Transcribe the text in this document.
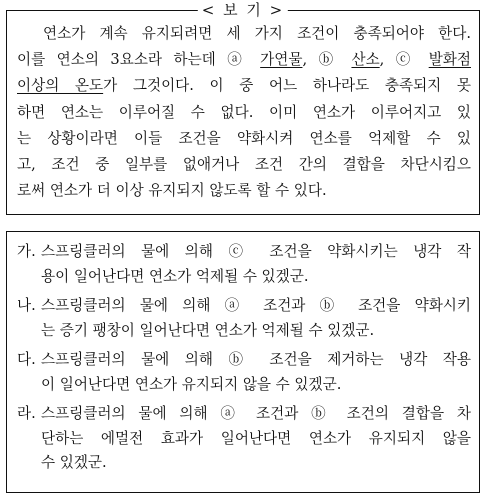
< 보 기 >
연소가 계속 유지되려면 세 가지 조건이 충족되어야 한다.
이를 연소의 3요소라 하는데 ⓐ 가연물, ⓑ 산소, ⓒ 발화점
이상의 온도가 그것이다. 이 중 어느 하나라도 충족되지 못
하면 연소는 이루어질 수 없다. 이미 연소가 이루어지고 있
는 상황이라면 이들 조건을 약화시켜 연소를 억제할 수 있
고, 조건 중 일부를 없애거나 조건 간의 결합을 차단시킴으
로써 연소가 더 이상 유지되지 않도록 할 수 있다.
가. 스프링클러의 물에 의해 ⓒ 조건을 약화시키는 냉각 작
용이 일어난다면 연소가 억제될 수 있겠군.
나. 스프링클러의 물에 의해 ⓐ 조건과 ⓑ 조건을 약화시키
는 증기 팽창이 일어난다면 연소가 억제될 수 있겠군.
다. 스프링클러의 물에 의해 ⓑ 조건을 제거하는 냉각 작용
이 일어난다면 연소가 유지되지 않을 수 있겠군.
라. 스프링클러의 물에 의해 ⓐ 조건과 ⓑ 조건의 결합을 차
단하는 에멀전 효과가 일어난다면 연소가 유지되지 않을
수 있겠군.
